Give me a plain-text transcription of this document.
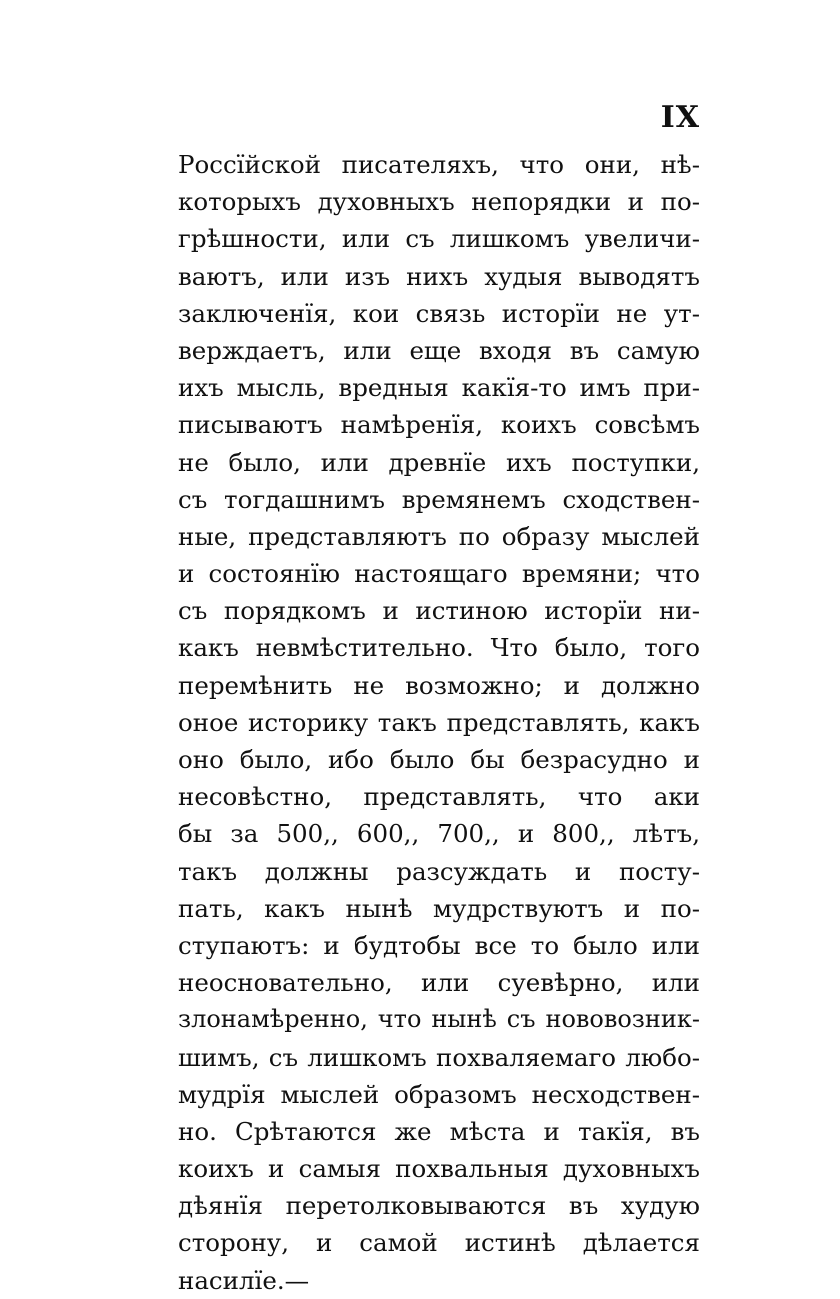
IX
Россïйской писателяхъ, что они, нѣ-
которыхъ духовныхъ непорядки и по-
грѣшности, или съ лишкомъ увеличи-
ваютъ, или изъ нихъ худыя выводятъ
заключенïя, кои связь исторïи не ут-
верждаетъ, или еще входя въ самую
ихъ мысль, вредныя какïя-то имъ при-
писываютъ намѣренïя, коихъ совсѣмъ
не было, или древнïе ихъ поступки,
съ тогдашнимъ времянемъ сходствен-
ные, представляютъ по образу мыслей
и состоянïю настоящаго времяни; что
съ порядкомъ и истиною исторïи ни-
какъ невмѣстительно. Что было, того
перемѣнить не возможно; и должно
оное историку такъ представлять, какъ
оно было, ибо было бы безрасудно и
несовѣстно, представлять, что аки
бы за 500,, 600,, 700,, и 800,, лѣтъ,
такъ должны разсуждать и посту-
пать, какъ нынѣ мудрствуютъ и по-
ступаютъ: и будтобы все то было или
неосновательно, или суевѣрно, или
злонамѣренно, что нынѣ съ нововозник-
шимъ, съ лишкомъ похваляемаго любо-
мудрïя мыслей образомъ несходствен-
но. Срѣтаются же мѣста и такïя, въ
коихъ и самыя похвальныя духовныхъ
дѣянïя перетолковываются въ худую
сторону, и самой истинѣ дѣлается
насилïе.—
